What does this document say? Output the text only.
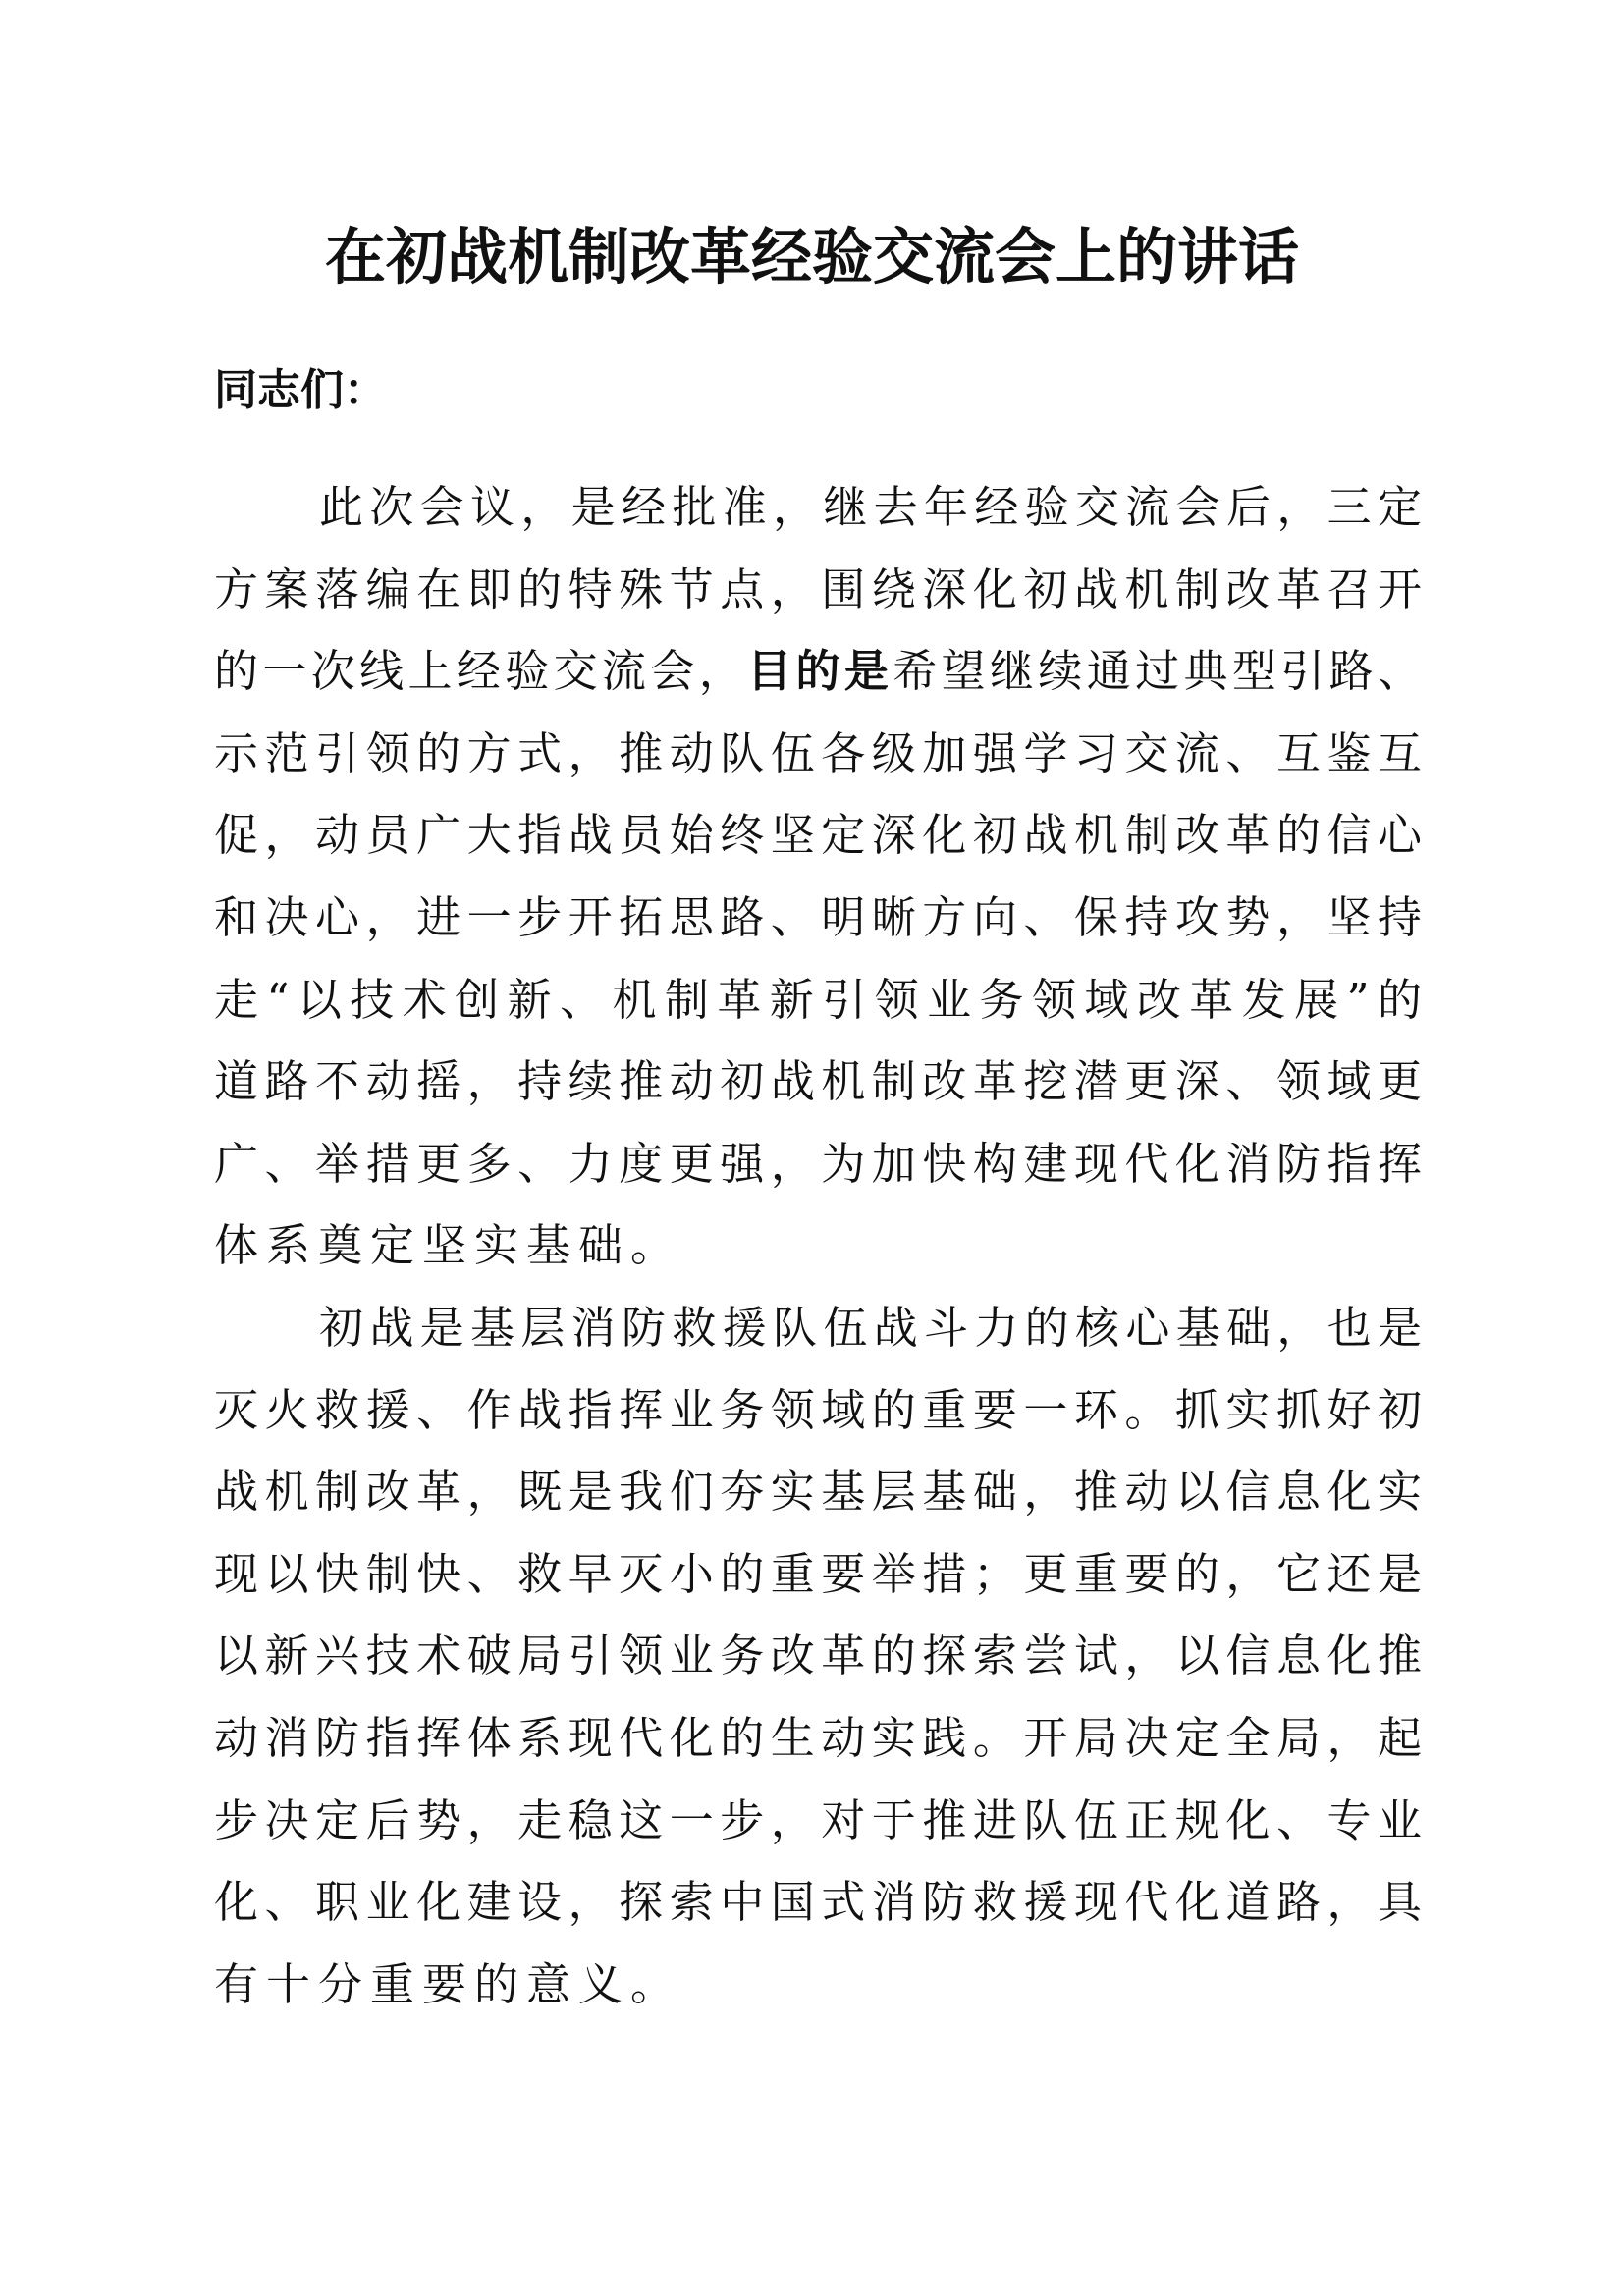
在初战机制改革经验交流会上的讲话
同志们：
此次会议，是经批准，继去年经验交流会后，三定
方案落编在即的特殊节点，围绕深化初战机制改革召开
的一次线上经验交流会，目的是希望继续通过典型引路、
示范引领的方式，推动队伍各级加强学习交流、互鉴互
促，动员广大指战员始终坚定深化初战机制改革的信心
和决心，进一步开拓思路、明晰方向、保持攻势，坚持
走“以技术创新、机制革新引领业务领域改革发展”的
道路不动摇，持续推动初战机制改革挖潜更深、领域更
广、举措更多、力度更强，为加快构建现代化消防指挥
体系奠定坚实基础。
初战是基层消防救援队伍战斗力的核心基础，也是
灭火救援、作战指挥业务领域的重要一环。抓实抓好初
战机制改革，既是我们夯实基层基础，推动以信息化实
现以快制快、救早灭小的重要举措；更重要的，它还是
以新兴技术破局引领业务改革的探索尝试，以信息化推
动消防指挥体系现代化的生动实践。开局决定全局，起
步决定后势，走稳这一步，对于推进队伍正规化、专业
化、职业化建设，探索中国式消防救援现代化道路，具
有十分重要的意义。
